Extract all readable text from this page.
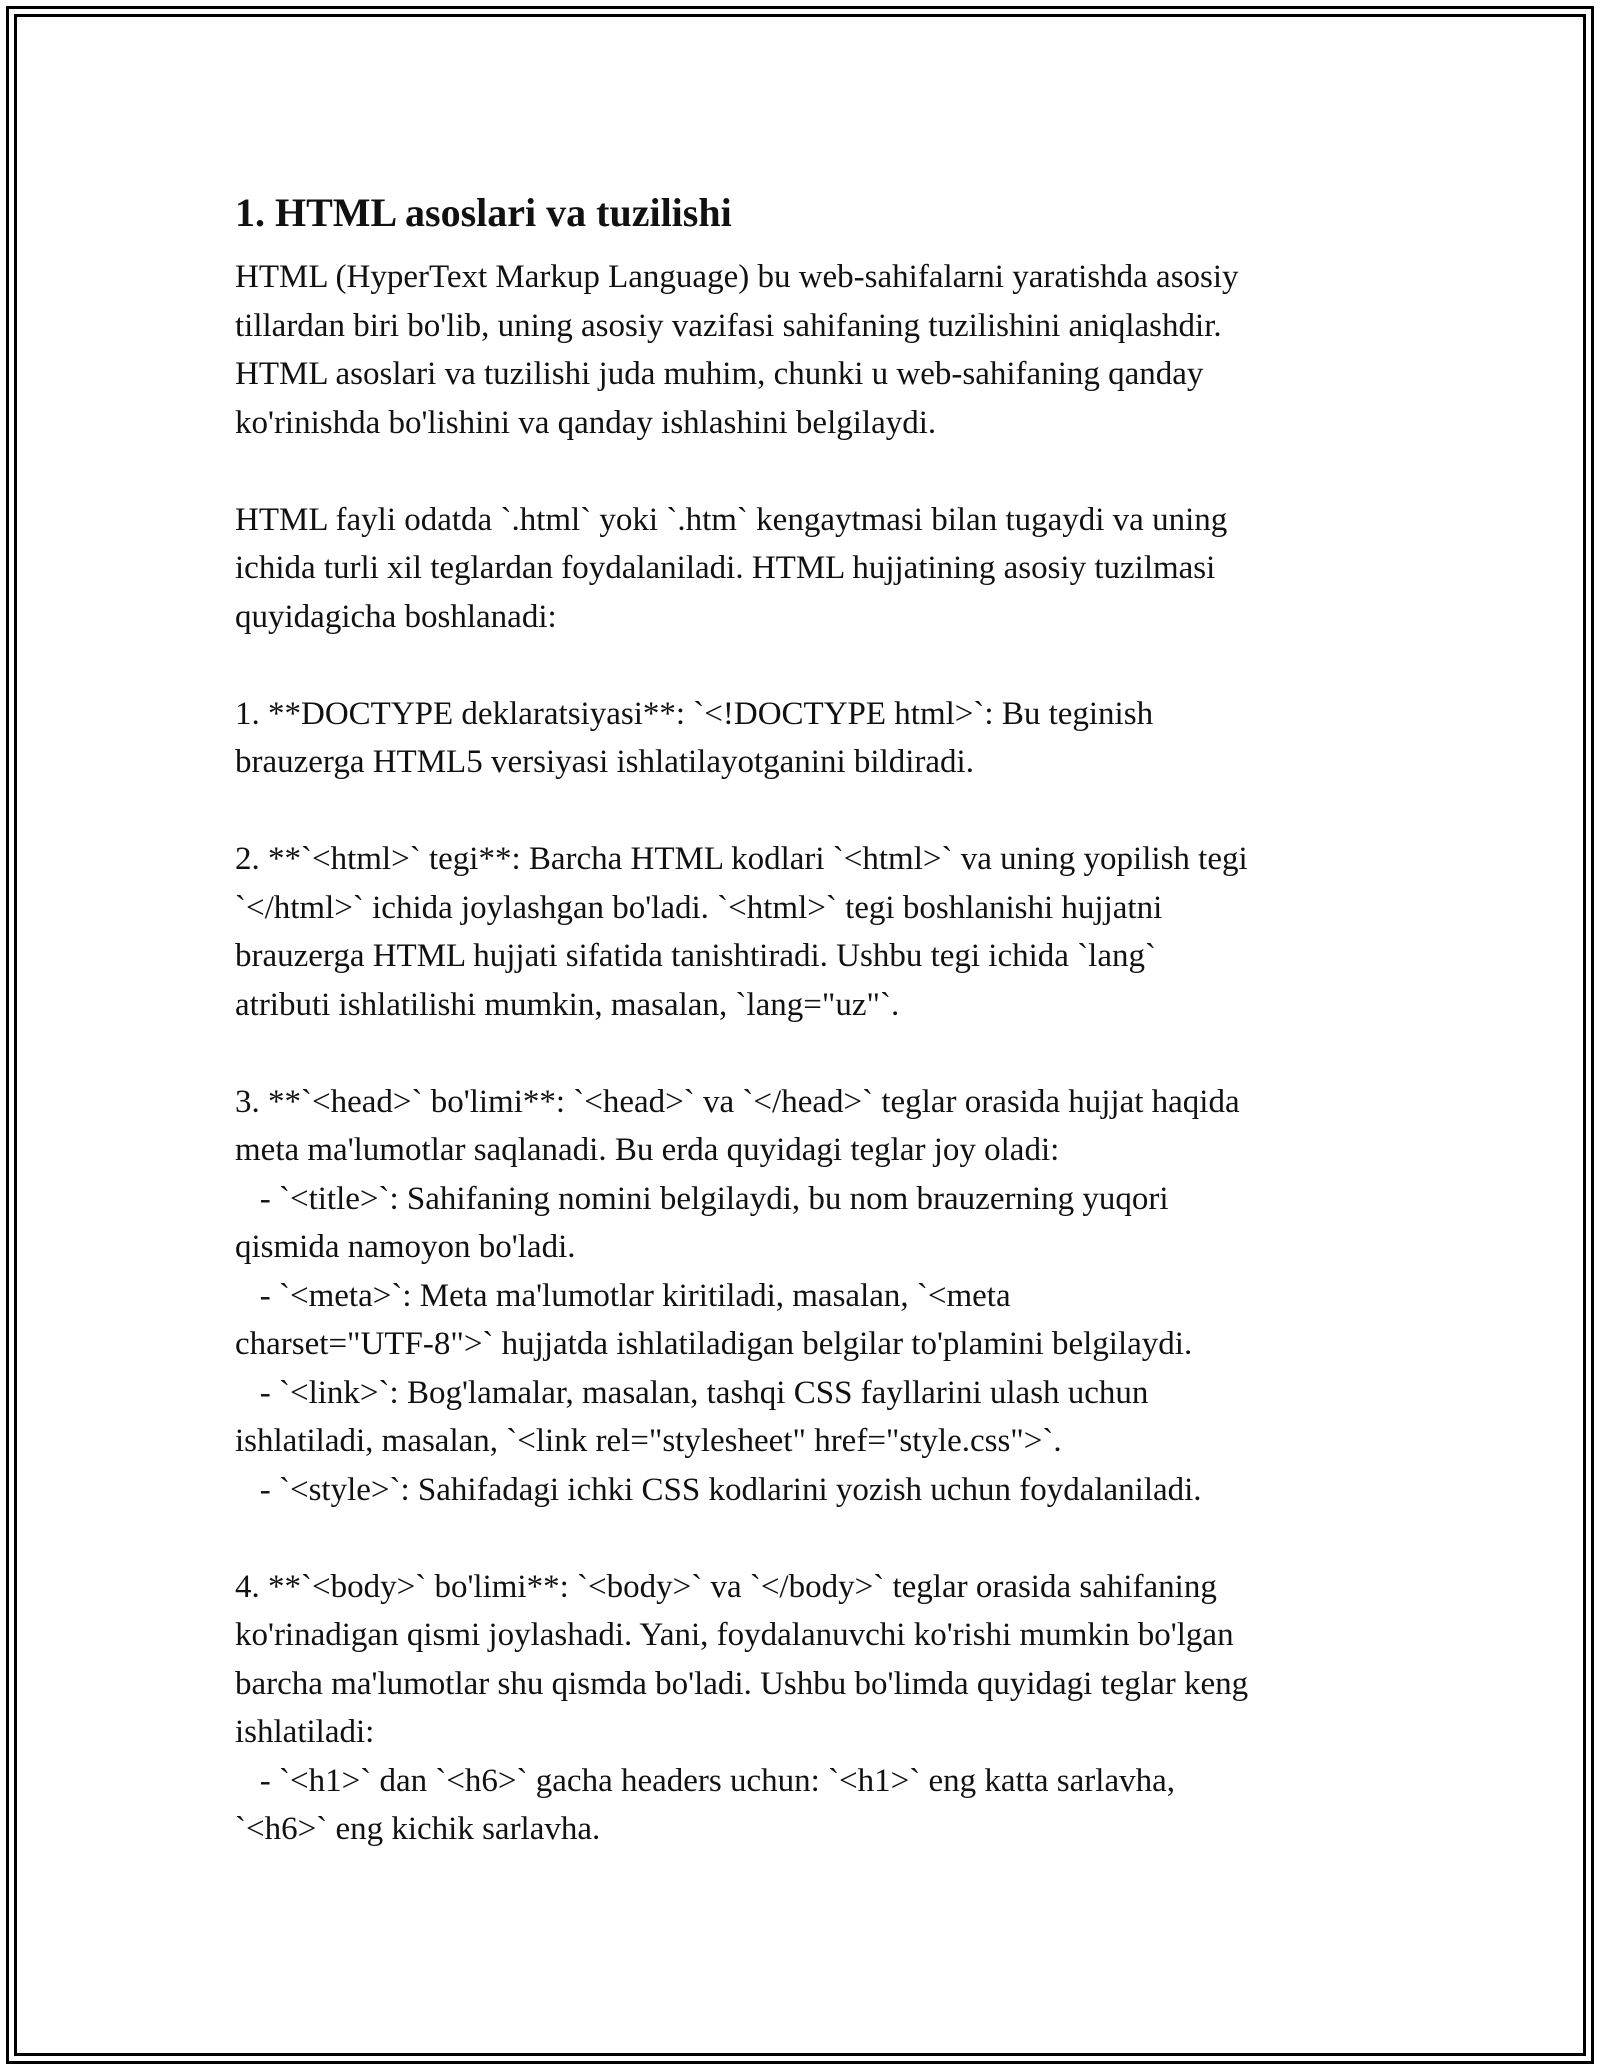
1. HTML asoslari va tuzilishi

HTML (HyperText Markup Language) bu web-sahifalarni yaratishda asosiy
tillardan biri bo'lib, uning asosiy vazifasi sahifaning tuzilishini aniqlashdir.
HTML asoslari va tuzilishi juda muhim, chunki u web-sahifaning qanday
ko'rinishda bo'lishini va qanday ishlashini belgilaydi.

HTML fayli odatda `.html` yoki `.htm` kengaytmasi bilan tugaydi va uning
ichida turli xil teglardan foydalaniladi. HTML hujjatining asosiy tuzilmasi
quyidagicha boshlanadi:

1. **DOCTYPE deklaratsiyasi**: `<!DOCTYPE html>`: Bu teginish
brauzerga HTML5 versiyasi ishlatilayotganini bildiradi.

2. **`<html>` tegi**: Barcha HTML kodlari `<html>` va uning yopilish tegi
`</html>` ichida joylashgan bo'ladi. `<html>` tegi boshlanishi hujjatni
brauzerga HTML hujjati sifatida tanishtiradi. Ushbu tegi ichida `lang`
atributi ishlatilishi mumkin, masalan, `lang="uz"`.

3. **`<head>` bo'limi**: `<head>` va `</head>` teglar orasida hujjat haqida
meta ma'lumotlar saqlanadi. Bu erda quyidagi teglar joy oladi:
- `<title>`: Sahifaning nomini belgilaydi, bu nom brauzerning yuqori
qismida namoyon bo'ladi.
- `<meta>`: Meta ma'lumotlar kiritiladi, masalan, `<meta
charset="UTF-8">` hujjatda ishlatiladigan belgilar to'plamini belgilaydi.
- `<link>`: Bog'lamalar, masalan, tashqi CSS fayllarini ulash uchun
ishlatiladi, masalan, `<link rel="stylesheet" href="style.css">`.
- `<style>`: Sahifadagi ichki CSS kodlarini yozish uchun foydalaniladi.

4. **`<body>` bo'limi**: `<body>` va `</body>` teglar orasida sahifaning
ko'rinadigan qismi joylashadi. Yani, foydalanuvchi ko'rishi mumkin bo'lgan
barcha ma'lumotlar shu qismda bo'ladi. Ushbu bo'limda quyidagi teglar keng
ishlatiladi:
- `<h1>` dan `<h6>` gacha headers uchun: `<h1>` eng katta sarlavha,
`<h6>` eng kichik sarlavha.
